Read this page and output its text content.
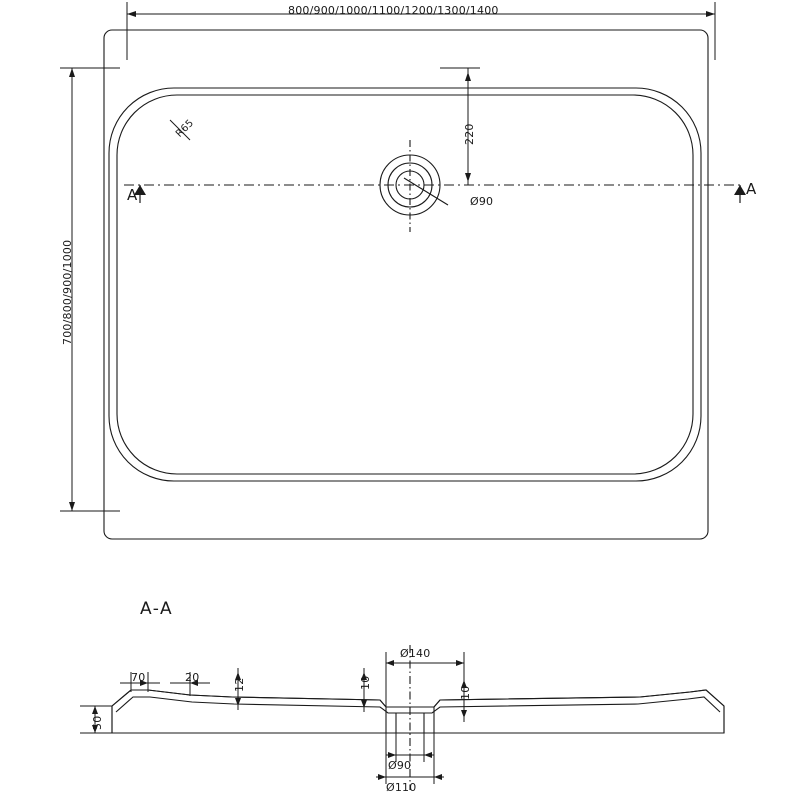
800/900/1000/1100/1200/1300/1400
700/800/900/1000
R65	220
Ø90
A	A
A-A
70	20
12	10
10
50
Ø140
Ø90
Ø110
